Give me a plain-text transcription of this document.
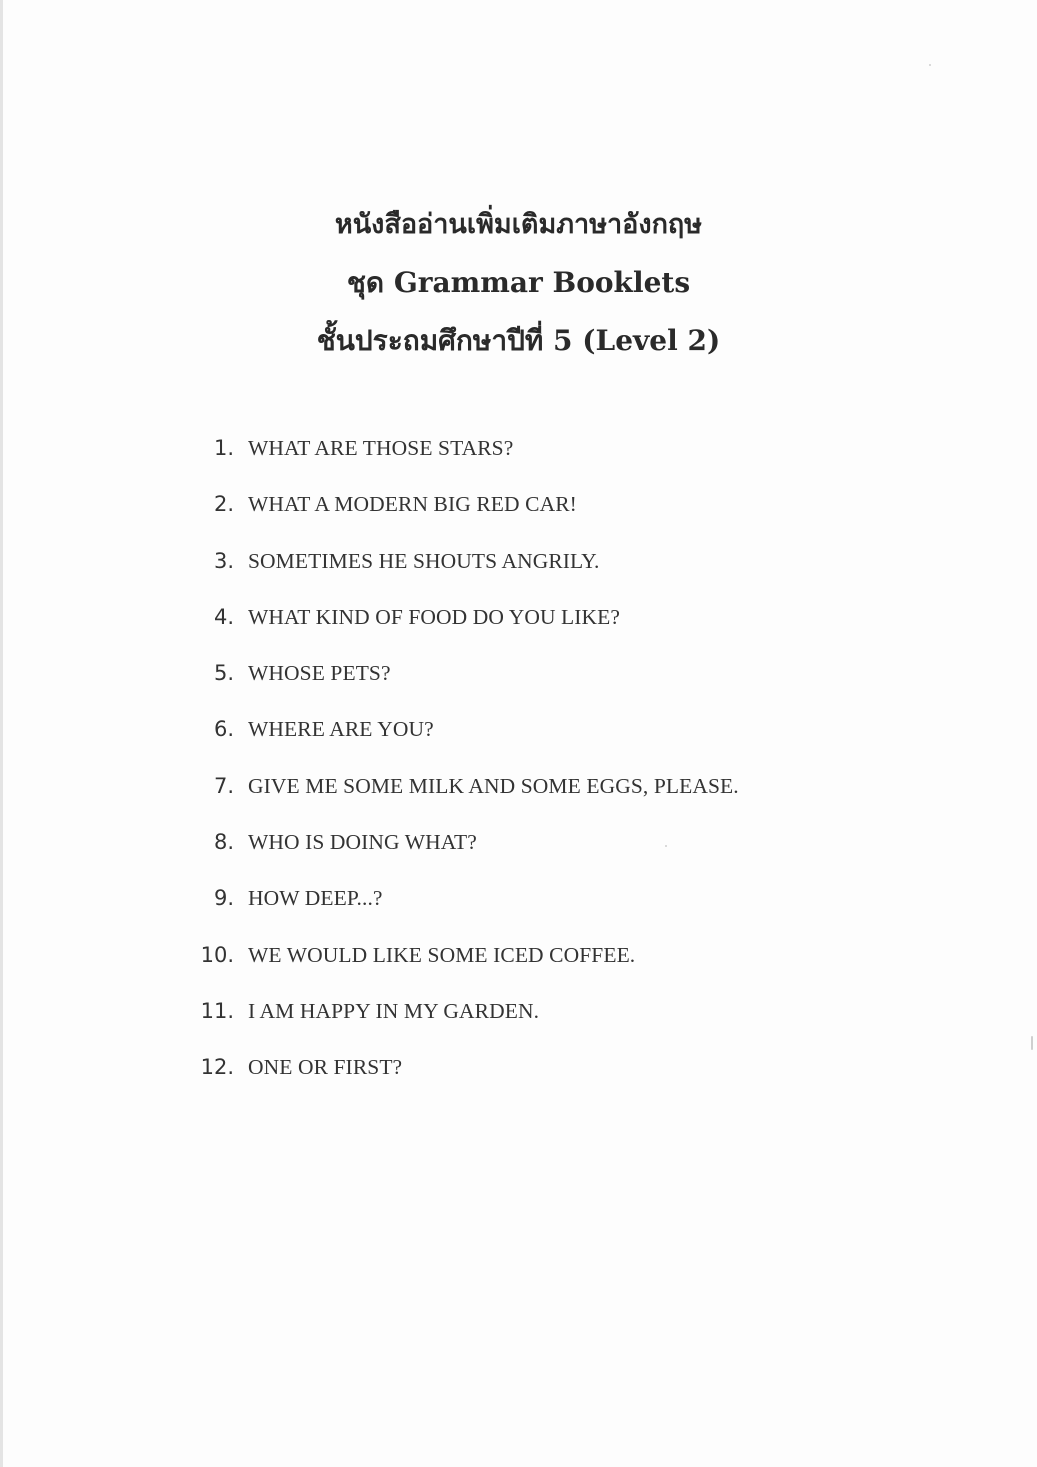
หนังสืออ่านเพิ่มเติมภาษาอังกฤษ
ชุด Grammar Booklets
ชั้นประถมศึกษาปีที่ 5 (Level 2)
1. WHAT ARE THOSE STARS?
2. WHAT A MODERN BIG RED CAR!
3. SOMETIMES HE SHOUTS ANGRILY.
4. WHAT KIND OF FOOD DO YOU LIKE?
5. WHOSE PETS?
6. WHERE ARE YOU?
7. GIVE ME SOME MILK AND SOME EGGS, PLEASE.
8. WHO IS DOING WHAT?
9. HOW DEEP...?
10. WE WOULD LIKE SOME ICED COFFEE.
11. I AM HAPPY IN MY GARDEN.
12. ONE OR FIRST?
